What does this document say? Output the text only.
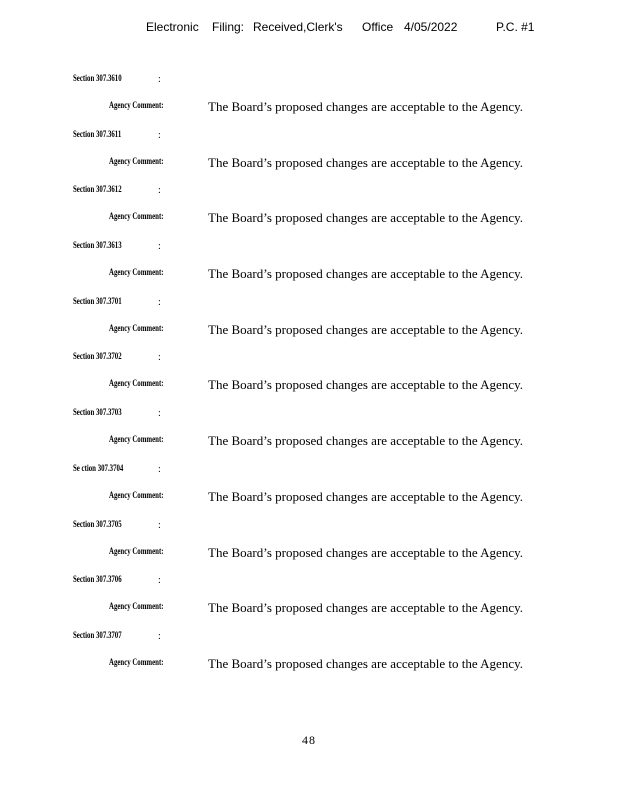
Electronic Filing: Received,Clerk's Office 4/05/2022	P.C. #1
Section 307.3610	:
Agency Comment:	The Board’s proposed changes are acceptable to the Agency.
Section 307.3611	:
Agency Comment:	The Board’s proposed changes are acceptable to the Agency.
Section 307.3612	:
Agency Comment:	The Board’s proposed changes are acceptable to the Agency.
Section 307.3613	:
Agency Comment:	The Board’s proposed changes are acceptable to the Agency.
Section 307.3701	:
Agency Comment:	The Board’s proposed changes are acceptable to the Agency.
Section 307.3702	:
Agency Comment:	The Board’s proposed changes are acceptable to the Agency.
Section 307.3703	:
Agency Comment:	The Board’s proposed changes are acceptable to the Agency.
Se ction 307.3704	:
Agency Comment:	The Board’s proposed changes are acceptable to the Agency.
Section 307.3705	:
Agency Comment:	The Board’s proposed changes are acceptable to the Agency.
Section 307.3706	:
Agency Comment:	The Board’s proposed changes are acceptable to the Agency.
Section 307.3707	:
Agency Comment:	The Board’s proposed changes are acceptable to the Agency.
48
